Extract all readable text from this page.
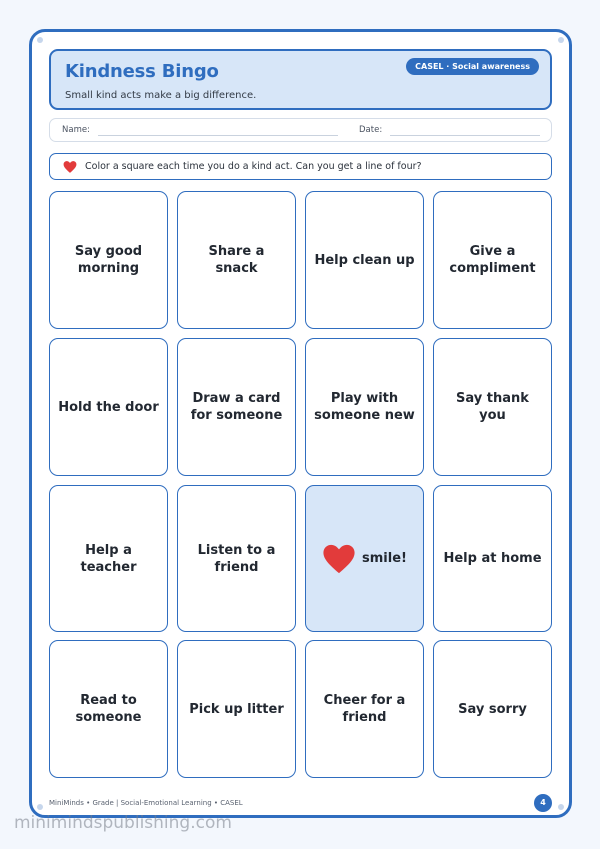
Kindness Bingo
Small kind acts make a big difference.
CASEL · Social awareness
Name:	Date:
Color a square each time you do a kind act. Can you get a line of four?
Say good morning
Share a snack
Help clean up
Give a compliment
Hold the door
Draw a card for someone
Play with someone new
Say thank you
Help a teacher
Listen to a friend
smile!	Help at home
Read to someone
Pick up litter
Cheer for a friend
Say sorry
MiniMinds • Grade | Social-Emotional Learning • CASEL	4
minimindspublishing.com
